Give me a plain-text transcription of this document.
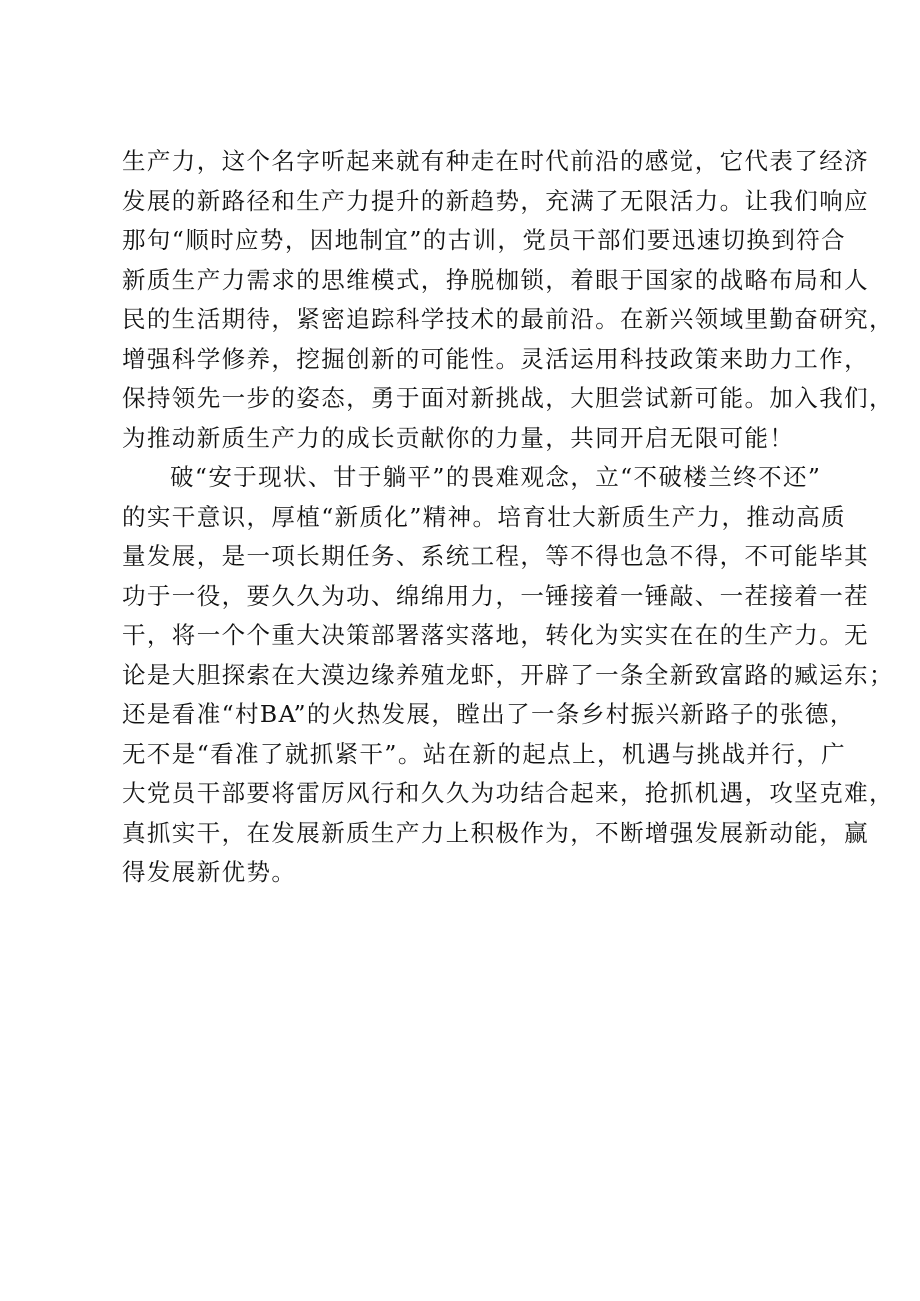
生产力，这个名字听起来就有种走在时代前沿的感觉，它代表了经济
发展的新路径和生产力提升的新趋势，充满了无限活力。让我们响应
那句“顺时应势，因地制宜”的古训，党员干部们要迅速切换到符合
新质生产力需求的思维模式，挣脱枷锁，着眼于国家的战略布局和人
民的生活期待，紧密追踪科学技术的最前沿。在新兴领域里勤奋研究，
增强科学修养，挖掘创新的可能性。灵活运用科技政策来助力工作，
保持领先一步的姿态，勇于面对新挑战，大胆尝试新可能。加入我们，
为推动新质生产力的成长贡献你的力量，共同开启无限可能！
破“安于现状、甘于躺平”的畏难观念，立“不破楼兰终不还”
的实干意识，厚植“新质化”精神。培育壮大新质生产力，推动高质
量发展，是一项长期任务、系统工程，等不得也急不得，不可能毕其
功于一役，要久久为功、绵绵用力，一锤接着一锤敲、一茬接着一茬
干，将一个个重大决策部署落实落地，转化为实实在在的生产力。无
论是大胆探索在大漠边缘养殖龙虾，开辟了一条全新致富路的臧运东；
还是看准“村BA”的火热发展，瞠出了一条乡村振兴新路子的张德，
无不是“看准了就抓紧干”。站在新的起点上，机遇与挑战并行，广
大党员干部要将雷厉风行和久久为功结合起来，抢抓机遇，攻坚克难，
真抓实干，在发展新质生产力上积极作为，不断增强发展新动能，赢
得发展新优势。
